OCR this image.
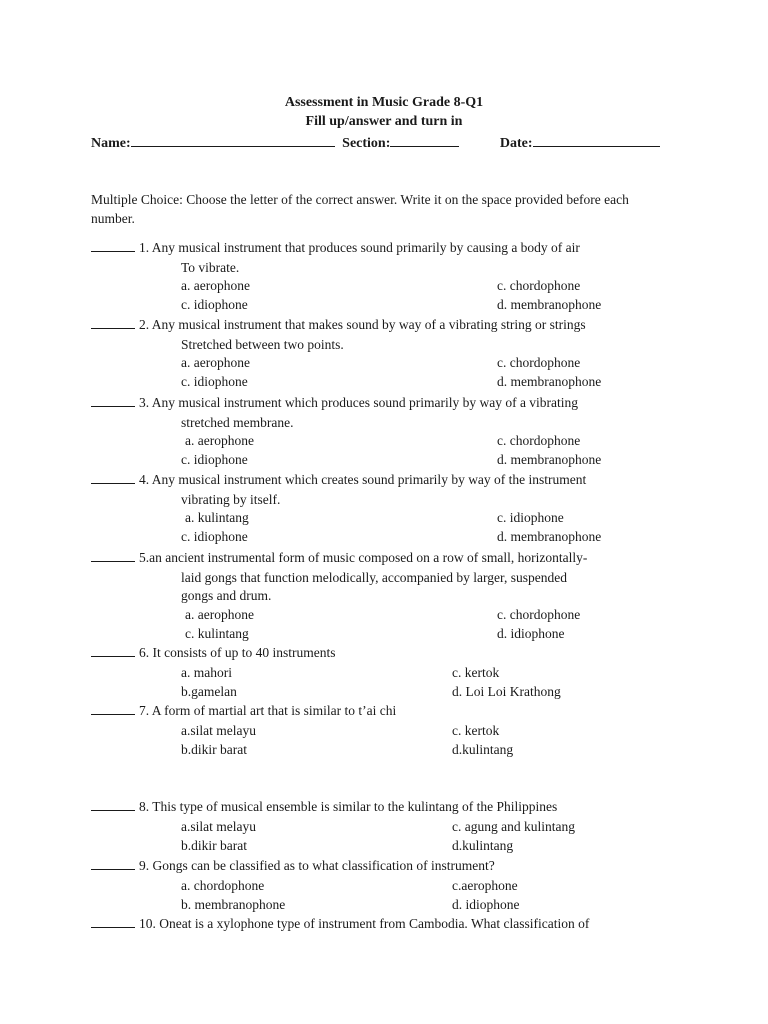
Assessment in Music Grade 8-Q1
Fill up/answer and turn in
Name:	Section:	Date:
Multiple Choice: Choose the letter of the correct answer. Write it on the space provided before each number.
1. Any musical instrument that produces sound primarily by causing a body of air
To vibrate.
a. aerophone	c. chordophone
c. idiophone	d. membranophone
2. Any musical instrument that makes sound by way of a vibrating string or strings
Stretched between two points.
a. aerophone	c. chordophone
c. idiophone	d. membranophone
3. Any musical instrument which produces sound primarily by way of a vibrating
stretched membrane.
a. aerophone	c. chordophone
c. idiophone	d. membranophone
4. Any musical instrument which creates sound primarily by way of the instrument
vibrating by itself.
a. kulintang	c. idiophone
c. idiophone	d. membranophone
5.an ancient instrumental form of music composed on a row of small, horizontally-
laid gongs that function melodically, accompanied by larger, suspended
gongs and drum.
a. aerophone	c. chordophone
c. kulintang	d. idiophone
6. It consists of up to 40 instruments
a. mahori	c. kertok
b.gamelan	d. Loi Loi Krathong
7. A form of martial art that is similar to t’ai chi
a.silat melayu	c. kertok
b.dikir barat	d.kulintang
8. This type of musical ensemble is similar to the kulintang of the Philippines
a.silat melayu	c. agung and kulintang
b.dikir barat	d.kulintang
9. Gongs can be classified as to what classification of instrument?
a. chordophone	c.aerophone
b. membranophone	d. idiophone
10. Oneat is a xylophone type of instrument from Cambodia. What classification of
